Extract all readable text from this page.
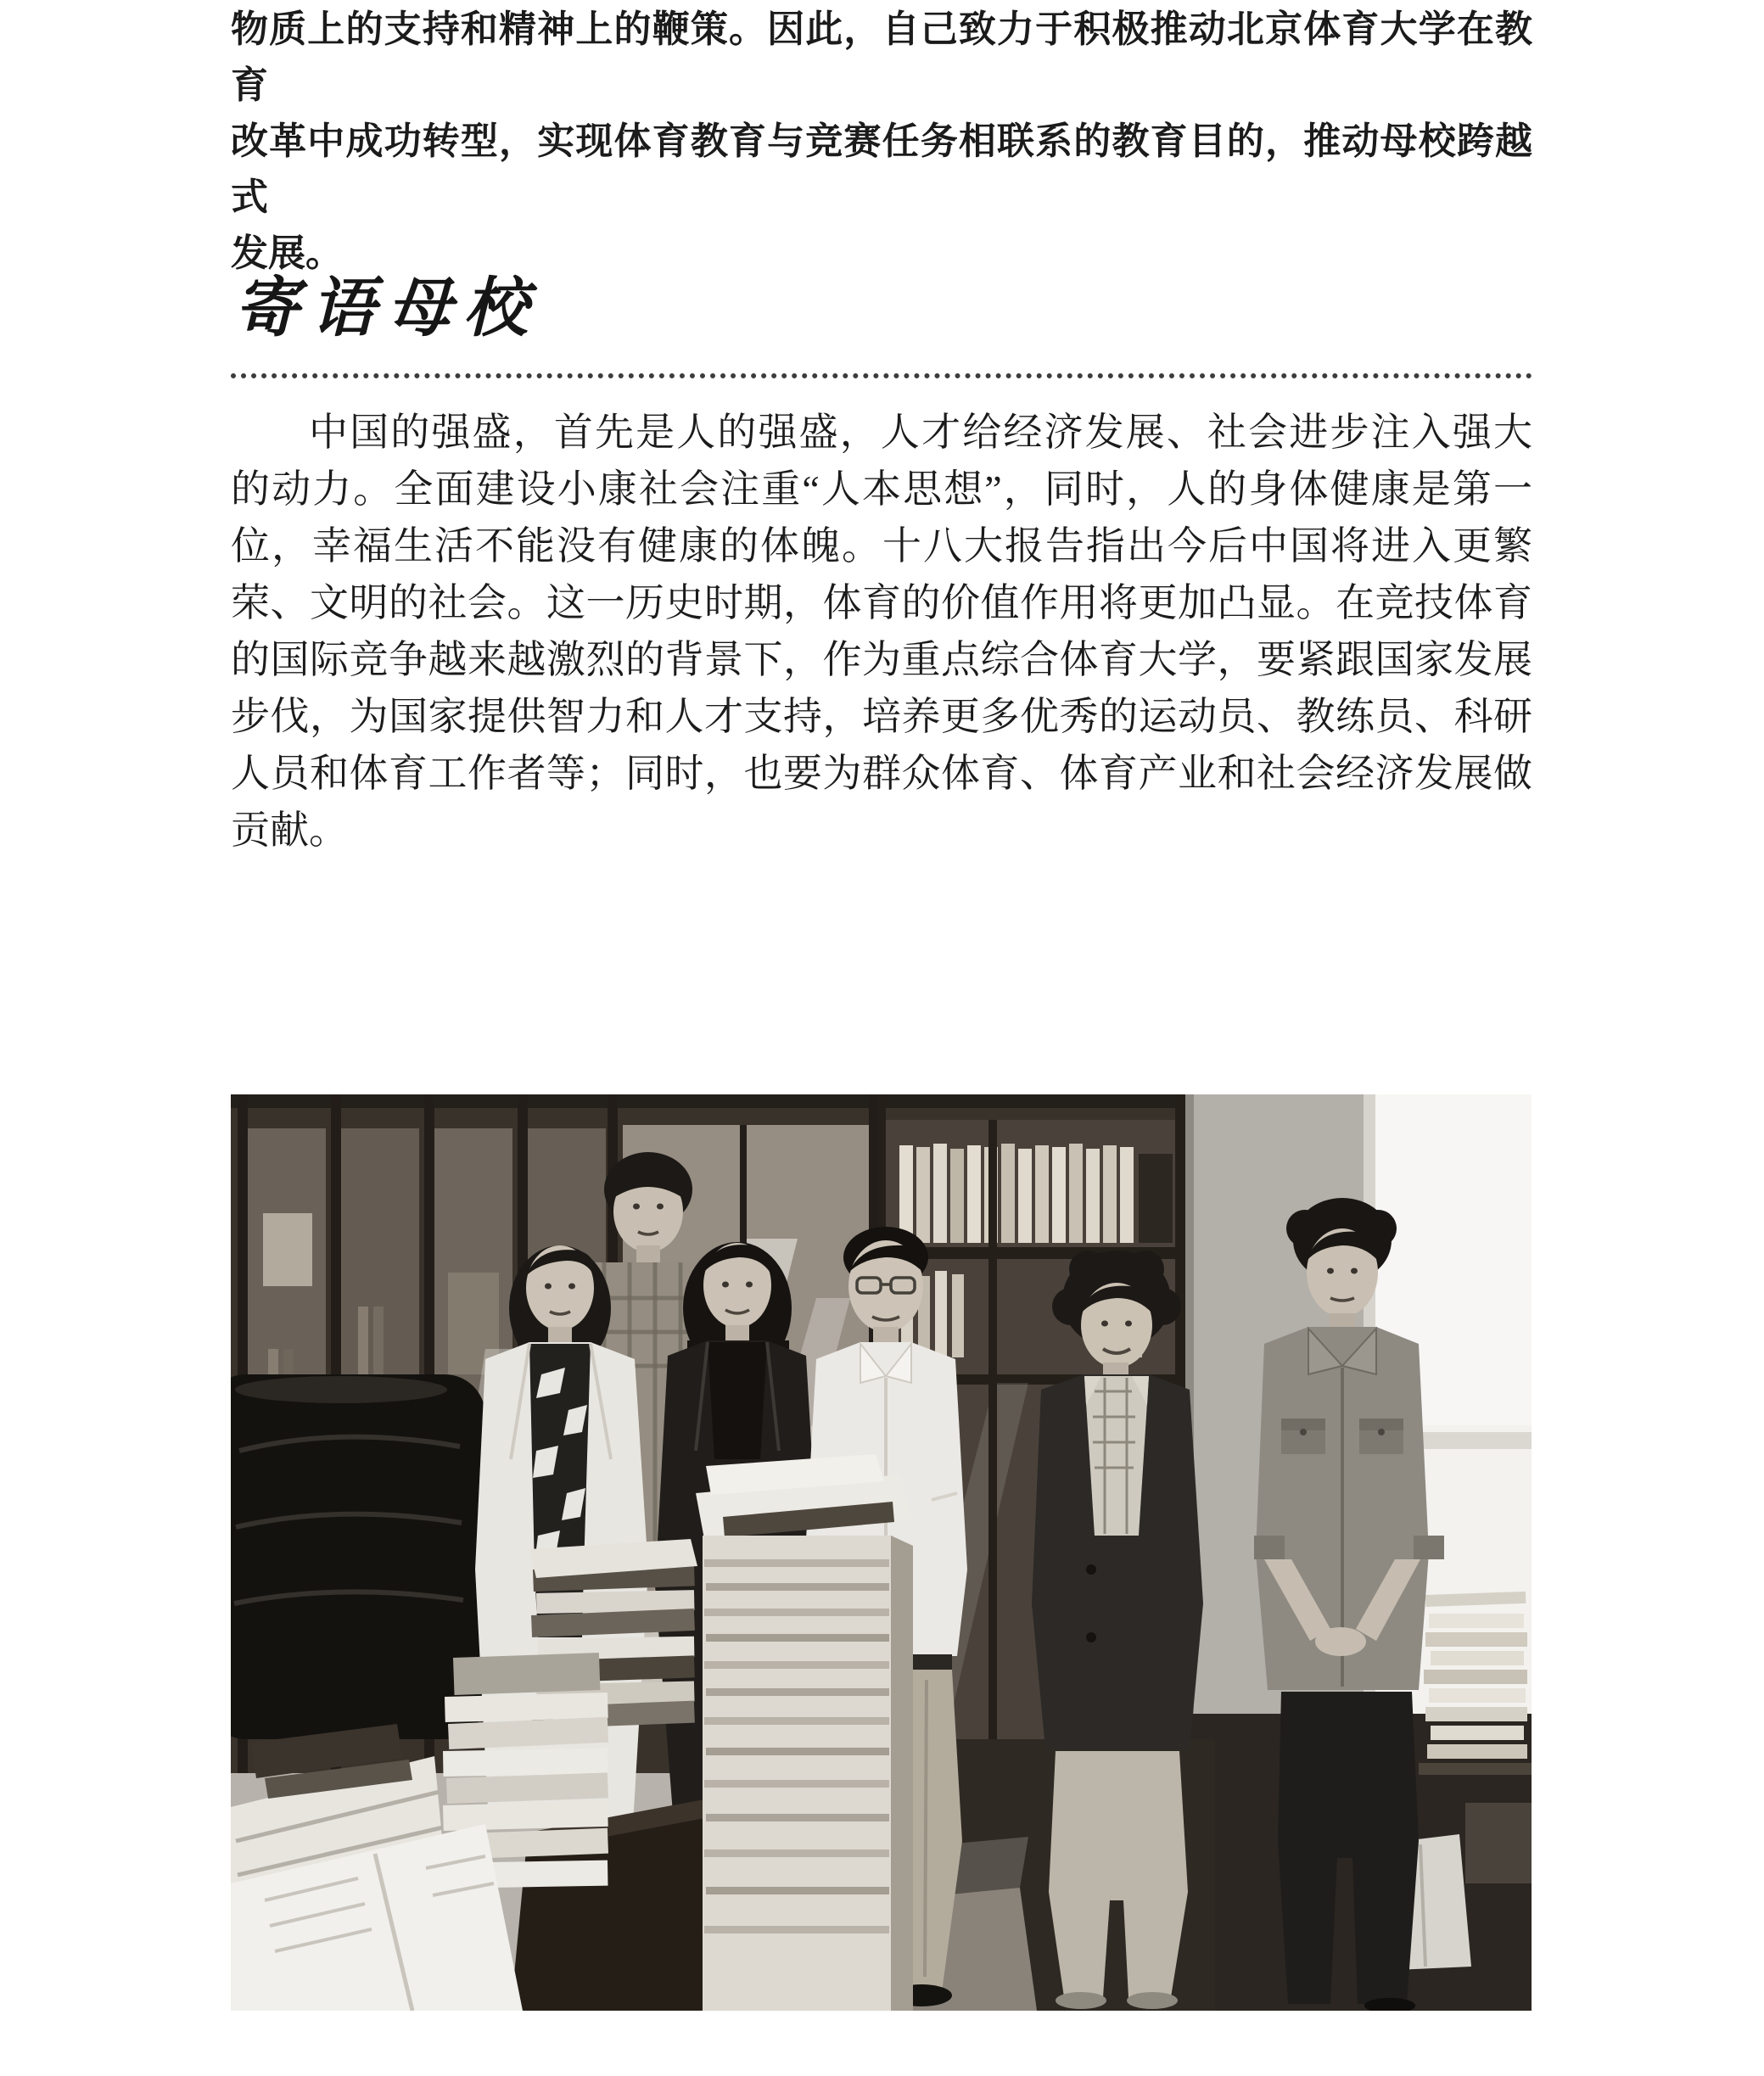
物质上的支持和精神上的鞭策。因此，自己致力于积极推动北京体育大学在教育
改革中成功转型，实现体育教育与竞赛任务相联系的教育目的，推动母校跨越式
发展。
寄语母校
中国的强盛，首先是人的强盛，人才给经济发展、社会进步注入强大
的动力。全面建设小康社会注重“人本思想”，同时，人的身体健康是第一
位，幸福生活不能没有健康的体魄。十八大报告指出今后中国将进入更繁
荣、文明的社会。这一历史时期，体育的价值作用将更加凸显。在竞技体育
的国际竞争越来越激烈的背景下，作为重点综合体育大学，要紧跟国家发展
步伐，为国家提供智力和人才支持，培养更多优秀的运动员、教练员、科研
人员和体育工作者等；同时，也要为群众体育、体育产业和社会经济发展做
贡献。
